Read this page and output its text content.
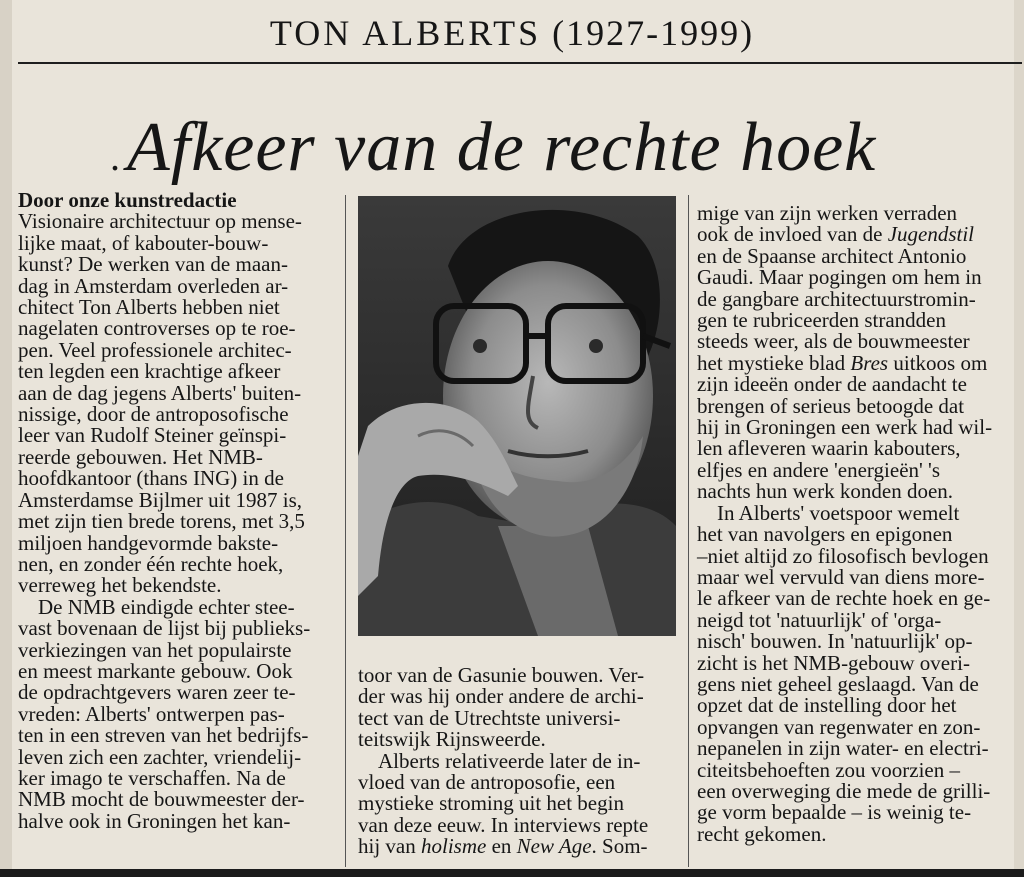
TON ALBERTS (1927-1999)
.Afkeer van de rechte hoek
Door onze kunstredactie
Visionaire architectuur op mense-
lijke maat, of kabouter-bouw-
kunst? De werken van de maan-
dag in Amsterdam overleden ar-
chitect Ton Alberts hebben niet
nagelaten controverses op te roe-
pen. Veel professionele architec-
ten legden een krachtige afkeer
aan de dag jegens Alberts' buiten-
nissige, door de antroposofische
leer van Rudolf Steiner geïnspi-
reerde gebouwen. Het NMB-
hoofdkantoor (thans ING) in de
Amsterdamse Bijlmer uit 1987 is,
met zijn tien brede torens, met 3,5
miljoen handgevormde bakste-
nen, en zonder één rechte hoek,
verreweg het bekendste.
De NMB eindigde echter stee-
vast bovenaan de lijst bij publieks-
verkiezingen van het populairste
en meest markante gebouw. Ook
de opdrachtgevers waren zeer te-
vreden: Alberts' ontwerpen pas-
ten in een streven van het bedrijfs-
leven zich een zachter, vriendelij-
ker imago te verschaffen. Na de
NMB mocht de bouwmeester der-
halve ook in Groningen het kan-
toor van de Gasunie bouwen. Ver-
der was hij onder andere de archi-
tect van de Utrechtste universi-
teitswijk Rijnsweerde.
Alberts relativeerde later de in-
vloed van de antroposofie, een
mystieke stroming uit het begin
van deze eeuw. In interviews repte
hij van holisme en New Age. Som-
mige van zijn werken verraden
ook de invloed van de Jugendstil
en de Spaanse architect Antonio
Gaudi. Maar pogingen om hem in
de gangbare architectuurstromin-
gen te rubriceerden strandden
steeds weer, als de bouwmeester
het mystieke blad Bres uitkoos om
zijn ideeën onder de aandacht te
brengen of serieus betoogde dat
hij in Groningen een werk had wil-
len afleveren waarin kabouters,
elfjes en andere 'energieën' 's
nachts hun werk konden doen.
In Alberts' voetspoor wemelt
het van navolgers en epigonen
–niet altijd zo filosofisch bevlogen
maar wel vervuld van diens more-
le afkeer van de rechte hoek en ge-
neigd tot 'natuurlijk' of 'orga-
nisch' bouwen. In 'natuurlijk' op-
zicht is het NMB-gebouw overi-
gens niet geheel geslaagd. Van de
opzet dat de instelling door het
opvangen van regenwater en zon-
nepanelen in zijn water- en electri-
citeitsbehoeften zou voorzien –
een overweging die mede de grilli-
ge vorm bepaalde – is weinig te-
recht gekomen.
